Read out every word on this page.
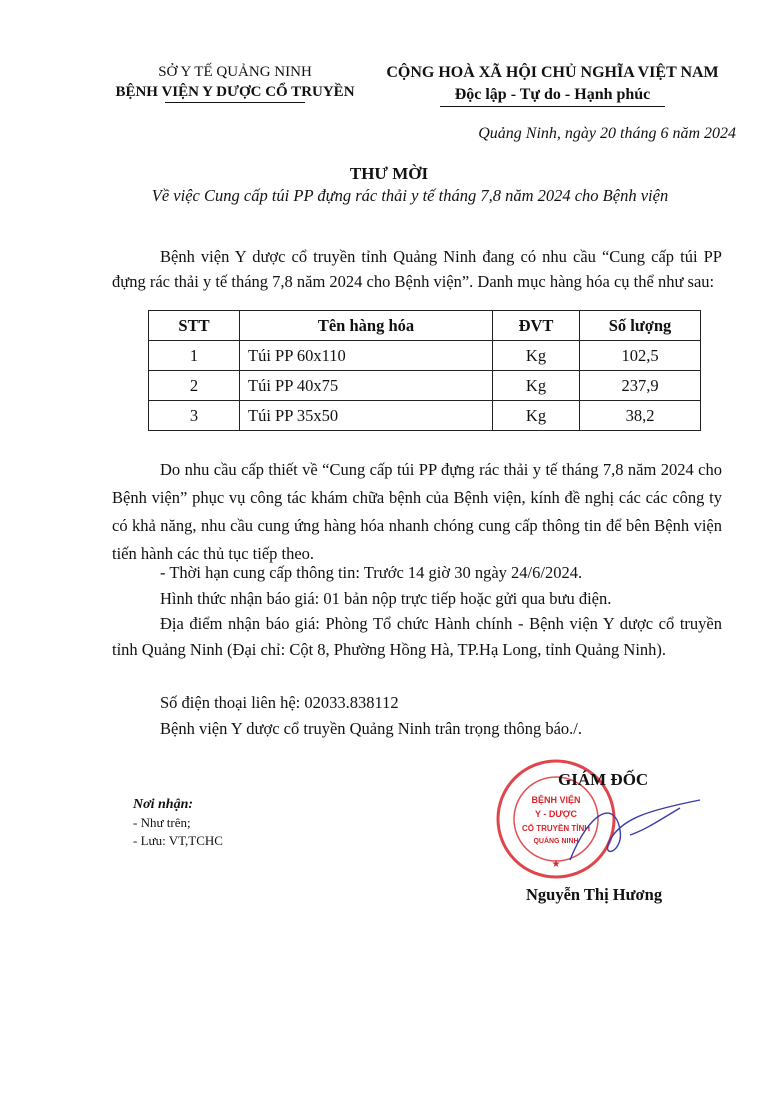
SỞ Y TẾ QUẢNG NINH
BỆNH VIỆN Y DƯỢC CỔ TRUYỀN
CỘNG HOÀ XÃ HỘI CHỦ NGHĨA VIỆT NAM
Độc lập - Tự do - Hạnh phúc
Quảng Ninh, ngày 20 tháng 6 năm 2024
THƯ MỜI
Về việc Cung cấp túi PP đựng rác thải y tế tháng 7,8 năm 2024 cho Bệnh viện
Bệnh viện Y dược cổ truyền tỉnh Quảng Ninh đang có nhu cầu “Cung cấp túi PP đựng rác thải y tế tháng 7,8 năm 2024 cho Bệnh viện”. Danh mục hàng hóa cụ thể như sau:
STT	Tên hàng hóa	ĐVT	Số lượng
1	Túi PP 60x110	Kg	102,5
2	Túi PP 40x75	Kg	237,9
3	Túi PP 35x50	Kg	38,2
Do nhu cầu cấp thiết về “Cung cấp túi PP đựng rác thải y tế tháng 7,8 năm 2024 cho Bệnh viện” phục vụ công tác khám chữa bệnh của Bệnh viện, kính đề nghị các các công ty có khả năng, nhu cầu cung ứng hàng hóa nhanh chóng cung cấp thông tin để bên Bệnh viện tiến hành các thủ tục tiếp theo.
- Thời hạn cung cấp thông tin: Trước 14 giờ 30 ngày 24/6/2024.
Hình thức nhận báo giá: 01 bản nộp trực tiếp hoặc gửi qua bưu điện.
Địa điểm nhận báo giá: Phòng Tổ chức Hành chính - Bệnh viện Y dược cổ truyền tỉnh Quảng Ninh (Đại chỉ: Cột 8, Phường Hồng Hà, TP.Hạ Long, tỉnh Quảng Ninh).
Số điện thoại liên hệ: 02033.838112
Bệnh viện Y dược cổ truyền Quảng Ninh trân trọng thông báo./.
Nơi nhận:
- Như trên;
- Lưu: VT,TCHC
BỆNH VIỆN
Y - DƯỢC
CỔ TRUYỀN TỈNH
QUẢNG NINH
★
GIÁM ĐỐC
Nguyễn Thị Hương
